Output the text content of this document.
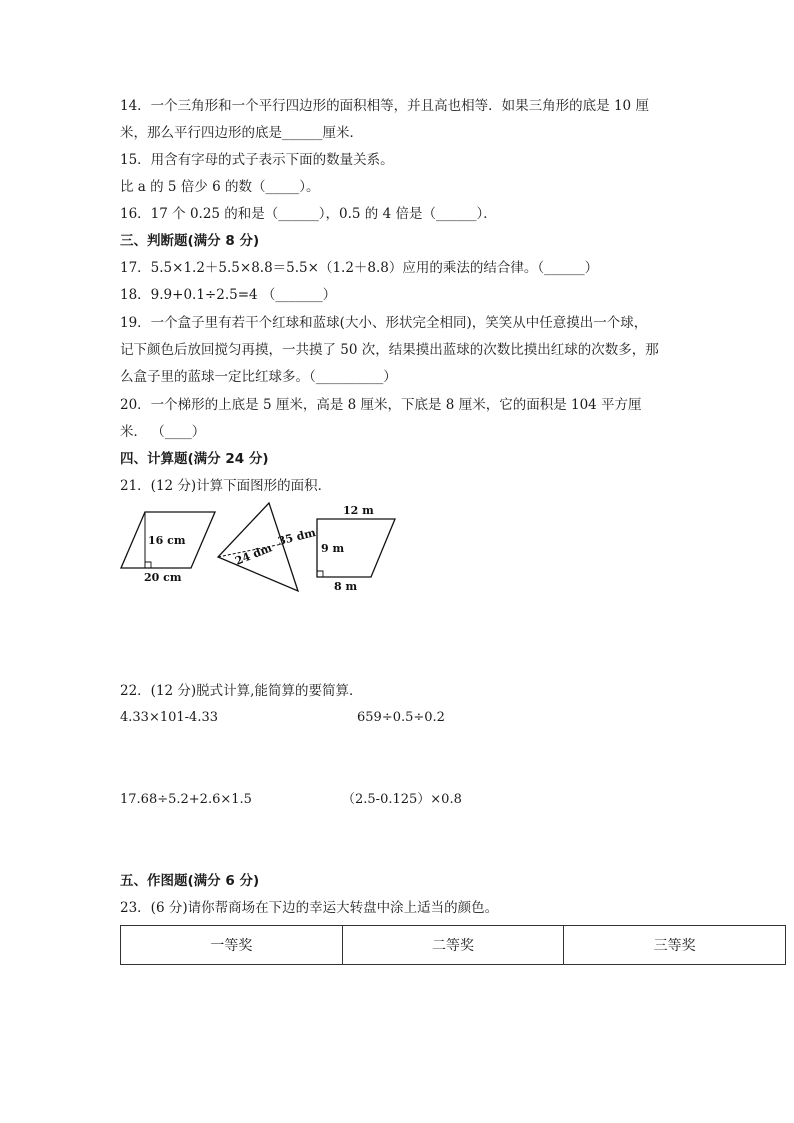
14．一个三角形和一个平行四边形的面积相等，并且高也相等．如果三角形的底是 10 厘
米，那么平行四边形的底是______厘米．
15．用含有字母的式子表示下面的数量关系。
比 a 的 5 倍少 6 的数（_____）。
16．17 个 0.25 的和是（______），0.5 的 4 倍是（______）．
三、判断题(满分 8 分)
17．5.5×1.2＋5.5×8.8＝5.5×（1.2＋8.8）应用的乘法的结合律。（______）
18．9.9+0.1÷2.5=4 （_______）
19．一个盒子里有若干个红球和蓝球(大小、形状完全相同)，笑笑从中任意摸出一个球，
记下颜色后放回搅匀再摸，一共摸了 50 次，结果摸出蓝球的次数比摸出红球的次数多，那
么盒子里的蓝球一定比红球多。（__________）
20．一个梯形的上底是 5 厘米，高是 8 厘米，下底是 8 厘米，它的面积是 104 平方厘
米． （____）
四、计算题(满分 24 分)
21．(12 分)计算下面图形的面积．
16 cm
20 cm
24 dm
35 dm
12 m
9 m
8 m
22．(12 分)脱式计算,能简算的要简算．
4.33×101-4.33	659÷0.5÷0.2
17.68÷5.2+2.6×1.5	（2.5-0.125）×0.8
五、作图题(满分 6 分)
23．(6 分)请你帮商场在下边的幸运大转盘中涂上适当的颜色。
一等奖	二等奖	三等奖
